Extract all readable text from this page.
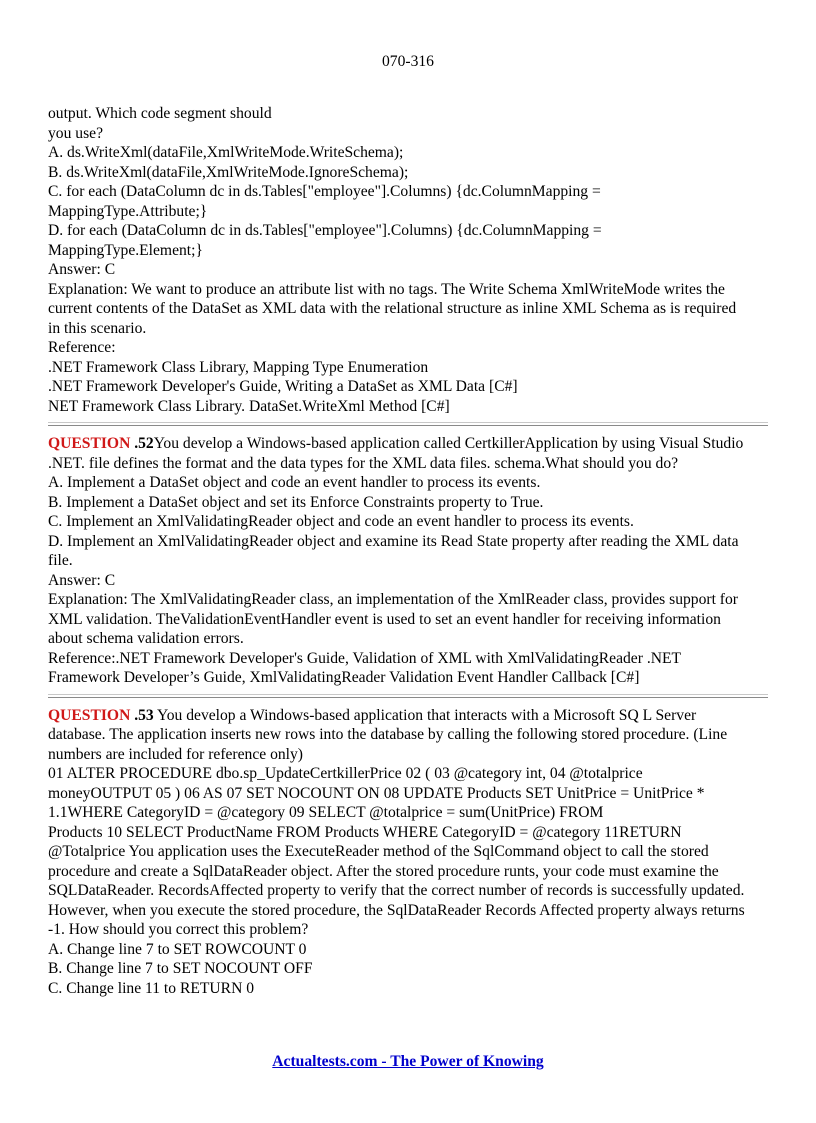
070-316
output. Which code segment should
you use?
A. ds.WriteXml(dataFile,XmlWriteMode.WriteSchema);
B. ds.WriteXml(dataFile,XmlWriteMode.IgnoreSchema);
C. for each (DataColumn dc in ds.Tables["employee"].Columns) {dc.ColumnMapping =
MappingType.Attribute;}
D. for each (DataColumn dc in ds.Tables["employee"].Columns) {dc.ColumnMapping =
MappingType.Element;}
Answer: C
Explanation: We want to produce an attribute list with no tags. The Write Schema XmlWriteMode writes the
current contents of the DataSet as XML data with the relational structure as inline XML Schema as is required
in this scenario.
Reference:
.NET Framework Class Library, Mapping Type Enumeration
.NET Framework Developer's Guide, Writing a DataSet as XML Data [C#]
NET Framework Class Library. DataSet.WriteXml Method [C#]
QUESTION .52You develop a Windows-based application called CertkillerApplication by using Visual Studio
.NET. file defines the format and the data types for the XML data files. schema.What should you do?
A. Implement a DataSet object and code an event handler to process its events.
B. Implement a DataSet object and set its Enforce Constraints property to True.
C. Implement an XmlValidatingReader object and code an event handler to process its events.
D. Implement an XmlValidatingReader object and examine its Read State property after reading the XML data
file.
Answer: C
Explanation: The XmlValidatingReader class, an implementation of the XmlReader class, provides support for
XML validation. TheValidationEventHandler event is used to set an event handler for receiving information
about schema validation errors.
Reference:.NET Framework Developer's Guide, Validation of XML with XmlValidatingReader .NET
Framework Developer’s Guide, XmlValidatingReader Validation Event Handler Callback [C#]
QUESTION .53 You develop a Windows-based application that interacts with a Microsoft SQ L Server
database. The application inserts new rows into the database by calling the following stored procedure. (Line
numbers are included for reference only)
01 ALTER PROCEDURE dbo.sp_UpdateCertkillerPrice 02 ( 03 @category int, 04 @totalprice
moneyOUTPUT 05 ) 06 AS 07 SET NOCOUNT ON 08 UPDATE Products SET UnitPrice = UnitPrice *
1.1WHERE CategoryID = @category 09 SELECT @totalprice = sum(UnitPrice) FROM
Products 10 SELECT ProductName FROM Products WHERE CategoryID = @category 11RETURN
@Totalprice You application uses the ExecuteReader method of the SqlCommand object to call the stored
procedure and create a SqlDataReader object. After the stored procedure runts, your code must examine the
SQLDataReader. RecordsAffected property to verify that the correct number of records is successfully updated.
However, when you execute the stored procedure, the SqlDataReader Records Affected property always returns
-1. How should you correct this problem?
A. Change line 7 to SET ROWCOUNT 0
B. Change line 7 to SET NOCOUNT OFF
C. Change line 11 to RETURN 0
Actualtests.com - The Power of Knowing
